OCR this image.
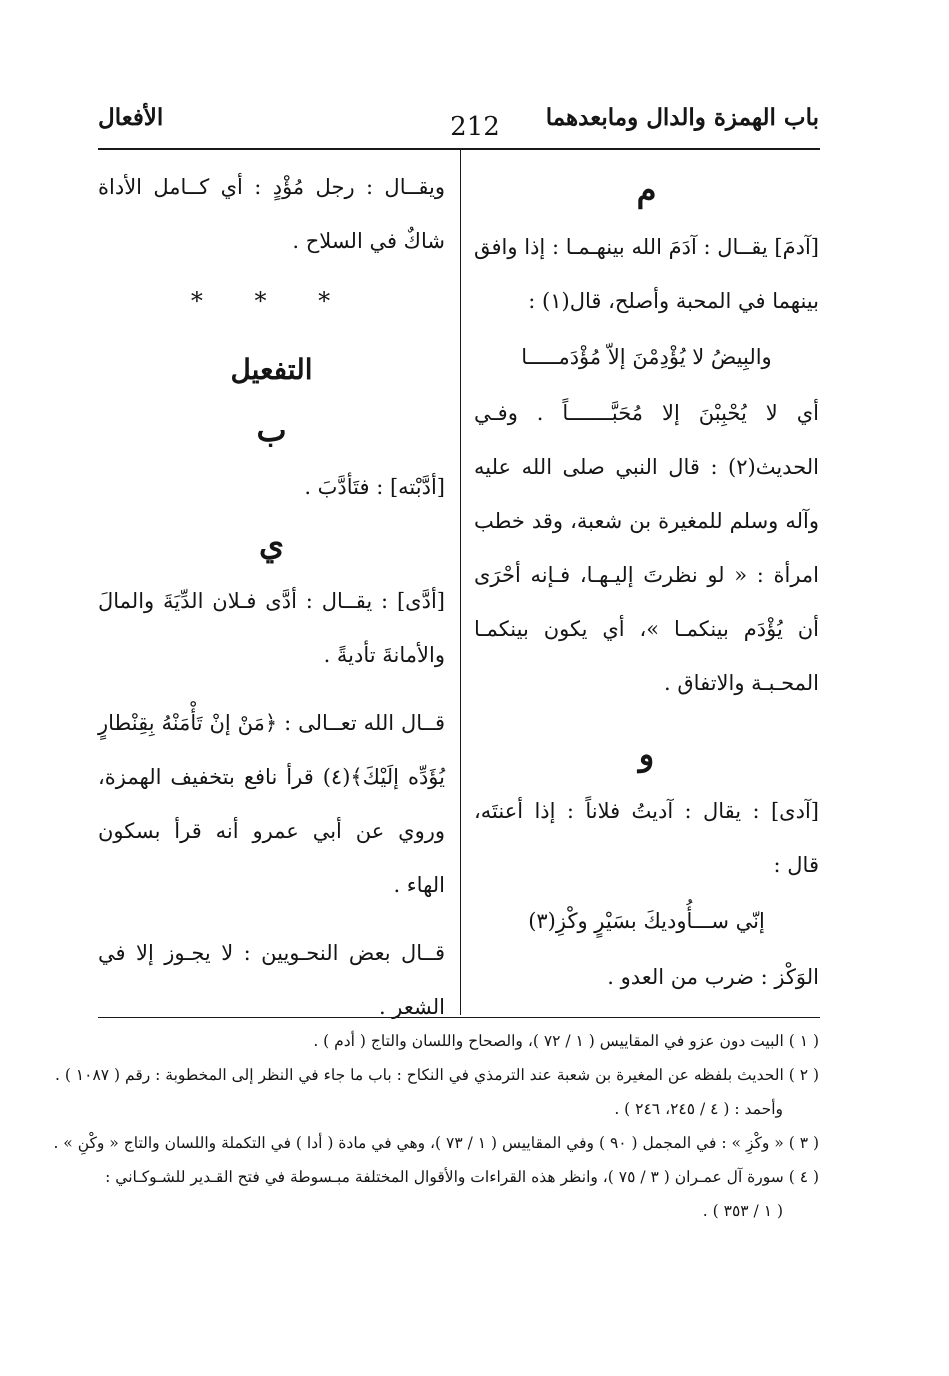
باب الهمزة والدال ومابعدهما
212
الأفعال

م

[آدمَ] يقــال : آدَمَ الله بينهـمـا : إذا وافق بينهما في المحبة وأصلح، قال(١) :

والبِيضُ لا يُؤْدِمْنَ إلاّ مُؤْدَمـــــا

أي لا يُحْبِبْنَ إلا مُحَبَّـــــــاً . وفـي الحديث(٢) : قال النبي صلى الله عليه وآله وسلم للمغيرة بن شعبة، وقد خطب امرأة : « لو نظرتَ إليـهـا، فـإنه أحْرَى أن يُؤْدَم بينكمـا »، أي يكون بينكمـا المحـبـة والاتفاق .

و

[آدى] : يقال : آديتُ فلاناً : إذا أعنتَه، قال :

إنّي ســـأُوديكَ بسَيْرٍ وكْزِ(٣)

الوَكْز : ضرب من العدو .

ويقــال : رجل مُؤْدٍ : أي كــامل الأداة شاكٌ في السلاح .

* * *

التفعيل

ب

[أدَّبْته] : فتَأدَّبَ .

ي

[أدَّى] : يقــال : أدَّى فـلان الدِّيَةَ والمالَ والأمانةَ تأديةً .

قــال الله تعــالى : ﴿مَنْ إنْ تَأْمَنْهُ بِقِنْطارٍ يُؤَدِّه إلَيْكَ﴾(٤) قرأ نافع بتخفيف الهمزة، وروي عن أبي عمرو أنه قرأ بسكون الهاء .

قــال بعض النحـويين : لا يجـوز إلا في الشعر .

( ١ ) البيت دون عزو في المقاييس ( ١ / ٧٢ )، والصحاح واللسان والتاج ( أدم ) .

( ٢ ) الحديث بلفظه عن المغيرة بن شعبة عند الترمذي في النكاح : باب ما جاء في النظر إلى المخطوبة : رقم ( ١٠٨٧ ) .

وأحمد : ( ٤ / ٢٤٥، ٢٤٦ ) .

( ٣ ) « وكْزِ » : في المجمل ( ٩٠ ) وفي المقاييس ( ١ / ٧٣ )، وهي في مادة ( أدا ) في التكملة واللسان والتاج « وكْنِ » .

( ٤ ) سورة آل عمـران ( ٣ / ٧٥ )، وانظر هذه القراءات والأقوال المختلفة مبـسوطة في فتح القـدير للشـوكـاني :

( ١ / ٣٥٣ ) .
